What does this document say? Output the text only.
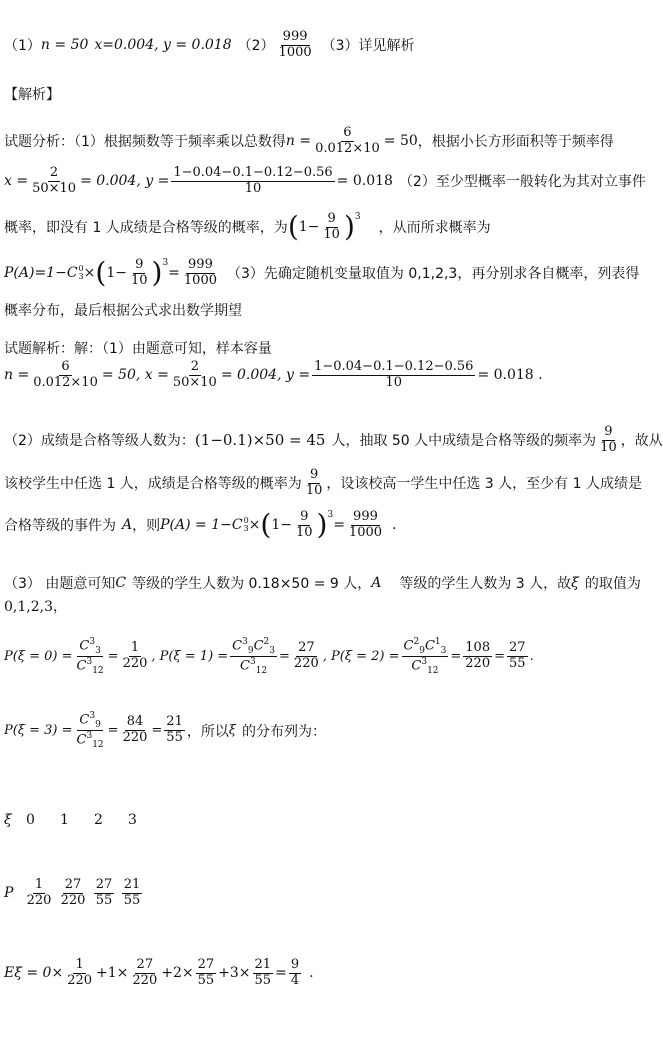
（1） n = 50 x=0.004, y = 0.018 $(2) \frac{999}{1000} (3)$详见解析
【解析】
试题分析：（1）根据频数等于频率乘以总数得 $n = \frac{6}{0.012\times 10} = 50$ ，根据小长方形面积等于频率得
$x = \frac{2}{50\times 10} = 0.004$, $y = \frac{1-0.04-0.1-0.12-0.56}{10} = 0.018$ （2）至少型概率一般转化为其对立事件
概率，即没有 1 人成绩是合格等级的概率，为 ( $1- \frac{9}{10} )^3$
，从而所求概率为
P(A)=1−C 0
3 × ( $1- \frac{9}{10} )^3$
= $\frac{999}{1000} (3)$先确定随机变量取值为 0,1,2,3，再分别求各自概率，列表得
概率分布，最后根据公式求出数学期望
试题解析：解：（1）由题意可知，样本容量
$n = \frac{6}{0.012\times 10} = 50$, $x = \frac{2}{50\times 10} = 0.004$, $y = \frac{1-0.04-0.1-0.12-0.56}{10} = 0.018$ .
（2）成绩是合格等级人数为： (1−0.1)×50 = 45 人，抽取 50 人中成绩是合格等级的频率为 $\frac{9}{10}$ ，故从
该校学生中任选 1 人，成绩是合格等级的概率为 $\frac{9}{10}$ ，设该校高一学生中任选 3 人，至少有 1 人成绩是
合格等级的事件为 A ，则 P(A) = 1−C 0
3 × ( $1- \frac{9}{10} )^3$
= $\frac{999}{1000}$ .
（3） 由题意可知 C 等级的学生人数为 0.18×50 = 9 人， A 等级的学生人数为 3 人，故 ξ 的取值为
0,1,2,3，
$P(\xi = 0) = \frac{C^3_3}{C^3_{12}} = \frac{1}{220}$ , $P(\xi = 1) = \frac{C^3_9C^2_3}{C^3_{12}} = \frac{27}{220}$ , $P(\xi = 2) = \frac{C^2_9C^1_3}{C^3_{12}} = \frac{108}{220} = \frac{27}{55}$ .
$P(\xi = 3) = \frac{C^3_9}{C^3_{12}} = \frac{84}{220} = \frac{21}{55}$ ，所以 ξ 的分布列为：
ξ	0	1	2	3
P $\frac{1}{220} \frac{27}{220} \frac{27}{55} \frac{21}{55}$
$E\xi = 0\times \frac{1}{220} +1\times \frac{27}{220} +2\times \frac{27}{55} +3\times \frac{21}{55} = \frac{9}{4}$ .
